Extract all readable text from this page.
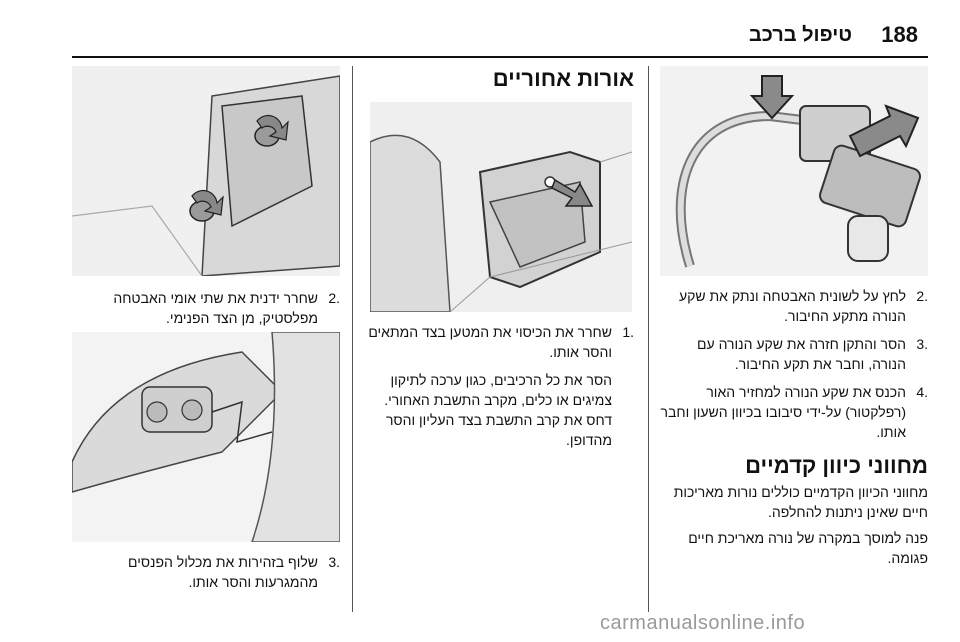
188
טיפול ברכב
.2
לחץ על לשונית האבטחה ונתק את שקע הנורה מתקע החיבור.
.3
הסר והתקן חזרה את שקע הנורה עם הנורה, וחבר את תקע החיבור.
.4
הכנס את שקע הנורה למחזיר האור (רפלקטור) על-ידי סיבובו בכיוון השעון וחבר אותו.
מחווני כיוון קדמיים

מחווני הכיוון הקדמיים כוללים נורות מאריכות חיים שאינן ניתנות להחלפה.

פנה למוסך במקרה של נורה מאריכת חיים פגומה.

אורות אחוריים
.1
שחרר את הכיסוי את המטען בצד המתאים והסר אותו.

הסר את כל הרכיבים, כגון ערכה לתיקון צמיגים או כלים, מקרב התשבת האחורי. דחס את קרב התשבת בצד העליון והסר מהדופן.

.2
שחרר ידנית את שתי אומי האבטחה מפלסטיק, מן הצד הפנימי.
.3
שלוף בזהירות את מכלול הפנסים מהמגרעות והסר אותו.
carmanualsonline.info
